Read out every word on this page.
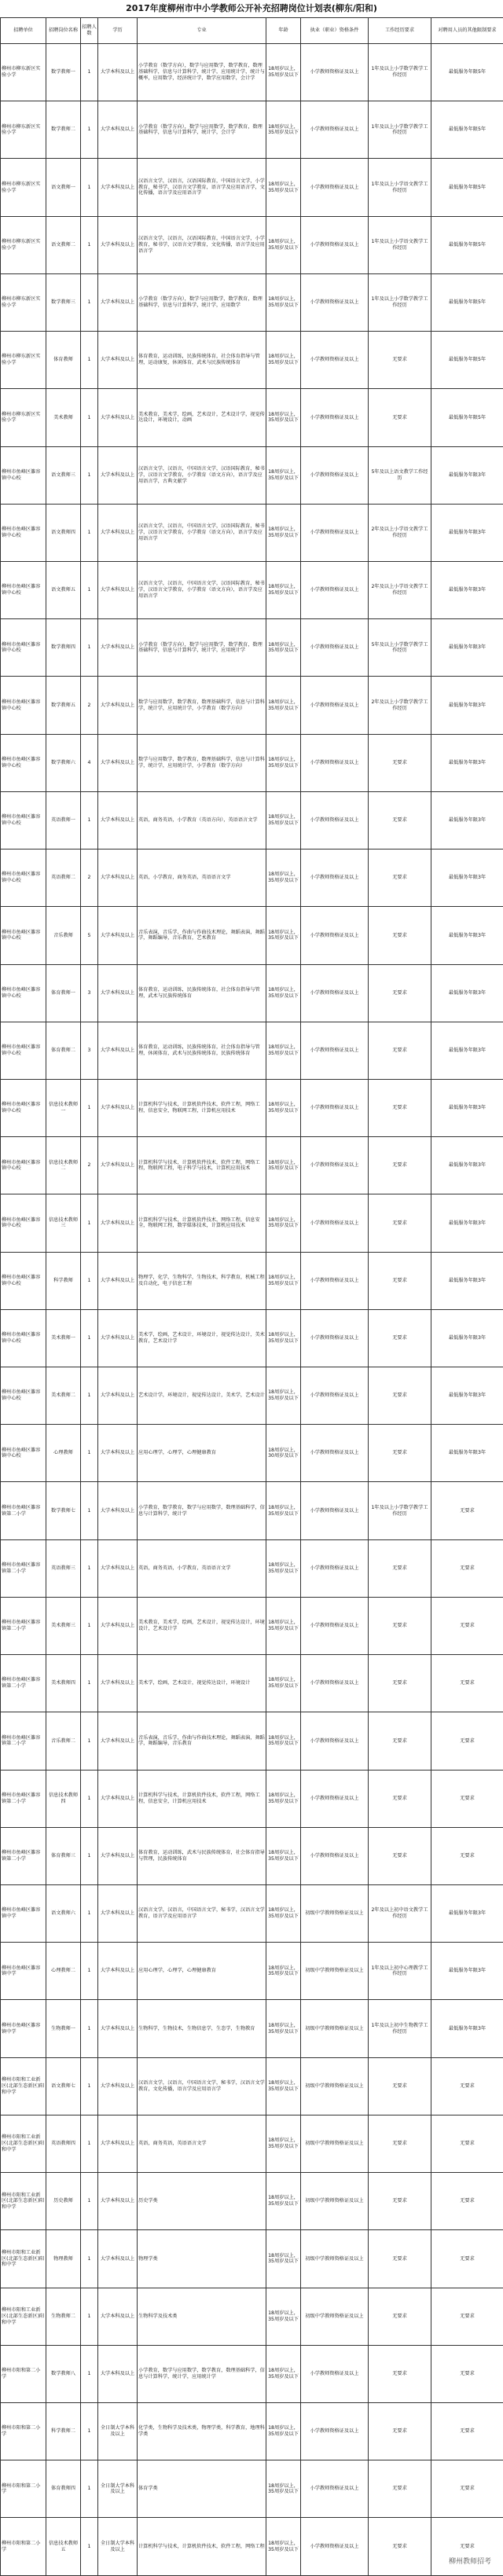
2017年度柳州市中小学教师公开补充招聘岗位计划表(柳东/阳和)
招聘单位	招聘岗位名称	招聘人数	学历	专业	年龄	执业（职业）资格条件	工作经历要求	对聘用人员的其他限制要求
柳州市柳东新区实验小学	数学教师一	1	大学本科及以上	小学教育（数学方向），数学与应用数学，数学教育，数理基础科学，信息与计算科学，统计学，应用统计学，统计与概率，应用数学，经济统计学，数学应用数学，会计学	18周岁以上，35周岁及以下	小学教师资格证及以上	1年及以上小学数学教学工作经历	最低服务年限5年
柳州市柳东新区实验小学	数学教师二	1	大学本科及以上	小学教育（数学方向），数学与应用数学，数学教育，数理基础科学，信息与计算科学，统计学，会计学	18周岁以上，35周岁及以下	小学教师资格证及以上	1年及以上小学数学教学工作经历	最低服务年限5年
柳州市柳东新区实验小学	语文教师一	1	大学本科及以上	汉语言文学，汉语言，汉语国际教育，中国语言文学，小学教育，秘书学，汉语言文学教育，语言学及应用语言学，文化传播，语言学及应用语言学	18周岁以上，35周岁及以下	小学教师资格证及以上	1年及以上小学语文教学工作经历	最低服务年限5年
柳州市柳东新区实验小学	语文教师二	1	大学本科及以上	汉语言文学，汉语言，汉语国际教育，中国语言文学，小学教育，秘书学，汉语言文学教育，文化传播，语言学及应用语言学	18周岁以上，35周岁及以下	小学教师资格证及以上	1年及以上小学语文教学工作经历	最低服务年限5年
柳州市柳东新区实验小学	数学教师三	1	大学本科及以上	小学教育（数学方向），数学与应用数学，数学教育，数理基础科学，信息与计算科学，统计学，应用数学	18周岁以上，35周岁及以下	小学教师资格证及以上	1年及以上小学数学教学工作经历	最低服务年限5年
柳州市柳东新区实验小学	体育教师	1	大学本科及以上	体育教育，运动训练，民族传统体育，社会体育指导与管理，运动康复，休闲体育，武术与民族传统体育	18周岁以上，35周岁及以下	小学教师资格证及以上	无要求	最低服务年限5年
柳州市柳东新区实验小学	美术教师	1	大学本科及以上	美术教育，美术学，绘画，艺术设计，艺术设计学，视觉传达设计，环境设计，动画	18周岁以上，35周岁及以下	小学教师资格证及以上	无要求	最低服务年限5年
柳州市鱼峰区雒容镇中心校	语文教师三	1	大学本科及以上	汉语言文学，汉语言，中国语言文学，汉语国际教育，秘书学，汉语言文学教育，小学教育（语文方向），语言学及应用语言学，古典文献学	18周岁以上，35周岁及以下	小学教师资格证及以上	5年及以上语文教学工作经历	最低服务年限3年
柳州市鱼峰区雒容镇中心校	语文教师四	1	大学本科及以上	汉语言文学，汉语言，中国语言文学，汉语国际教育，秘书学，汉语言文学教育，小学教育（语文方向），语言学及应用语言学	18周岁以上，35周岁及以下	小学教师资格证及以上	2年及以上小学语文教学工作经历	最低服务年限3年
柳州市鱼峰区雒容镇中心校	语文教师五	1	大学本科及以上	汉语言文学，汉语言，中国语言文学，汉语国际教育，秘书学，汉语言文学教育，小学教育（语文方向），语言学及应用语言学	18周岁以上，35周岁及以下	小学教师资格证及以上	2年及以上小学语文教学工作经历	最低服务年限3年
柳州市鱼峰区雒容镇中心校	数学教师四	1	大学本科及以上	小学教育（数学方向），数学与应用数学，数学教育，数理基础科学，信息与计算科学，统计学，应用统计学	18周岁以上，35周岁及以下	小学教师资格证及以上	5年及以上小学数学教学工作经历	最低服务年限3年
柳州市鱼峰区雒容镇中心校	数学教师五	2	大学本科及以上	数学与应用数学，数学教育，数理基础科学，信息与计算科学，统计学，应用统计学，小学教育（数学方向）	18周岁以上，35周岁及以下	小学教师资格证及以上	2年及以上小学数学教学工作经历	最低服务年限3年
柳州市鱼峰区雒容镇中心校	数学教师六	4	大学本科及以上	数学与应用数学，数学教育，数理基础科学，信息与计算科学，统计学，应用统计学，小学教育（数学方向）	18周岁以上，35周岁及以下	小学教师资格证及以上	无要求	最低服务年限3年
柳州市鱼峰区雒容镇中心校	英语教师一	1	大学本科及以上	英语，商务英语，小学教育（英语方向），英语语言文学	18周岁以上，35周岁及以下	小学教师资格证及以上	无要求	最低服务年限3年
柳州市鱼峰区雒容镇中心校	英语教师二	2	大学本科及以上	英语，小学教育，商务英语，英语语言文学	18周岁以上，35周岁及以下	小学教师资格证及以上	无要求	最低服务年限3年
柳州市鱼峰区雒容镇中心校	音乐教师	5	大学本科及以上	音乐表演，音乐学，作曲与作曲技术理论，舞蹈表演，舞蹈学，舞蹈编导，音乐教育，艺术教育	18周岁以上，35周岁及以下	小学教师资格证及以上	无要求	最低服务年限3年
柳州市鱼峰区雒容镇中心校	体育教师一	3	大学本科及以上	体育教育，运动训练，民族传统体育，社会体育指导与管理，武术与民族传统体育	18周岁以上，35周岁及以下	小学教师资格证及以上	无要求	最低服务年限3年
柳州市鱼峰区雒容镇中心校	体育教师二	3	大学本科及以上	体育教育，运动训练，民族传统体育，社会体育指导与管理，休闲体育，武术与民族传统体育，民族传统体育	18周岁以上，35周岁及以下	小学教师资格证及以上	无要求	最低服务年限3年
柳州市鱼峰区雒容镇中心校	信息技术教师一	1	大学本科及以上	计算机科学与技术，计算机软件技术，软件工程，网络工程，信息安全，物联网工程，计算机应用技术	18周岁以上，35周岁及以下	小学教师资格证及以上	无要求	最低服务年限3年
柳州市鱼峰区雒容镇中心校	信息技术教师二	2	大学本科及以上	计算机科学与技术，计算机软件技术，软件工程，网络工程，物联网工程，电子科学与技术，计算机应用技术	18周岁以上，35周岁及以下	小学教师资格证及以上	无要求	最低服务年限3年
柳州市鱼峰区雒容镇中心校	信息技术教师三	1	大学本科及以上	计算机科学与技术，计算机软件技术，网络工程，信息安全，物联网工程，数字媒体技术，计算机应用技术	18周岁以上，35周岁及以下	小学教师资格证及以上	无要求	最低服务年限3年
柳州市鱼峰区雒容镇中心校	科学教师	1	大学本科及以上	物理学，化学，生物科学，生物技术，科学教育，机械工程及自动化，电子信息工程	18周岁以上，35周岁及以下	小学教师资格证及以上	无要求	最低服务年限3年
柳州市鱼峰区雒容镇中心校	美术教师一	1	大学本科及以上	美术学，绘画，艺术设计，环境设计，视觉传达设计，美术教育，艺术设计学	18周岁以上，35周岁及以下	小学教师资格证及以上	无要求	最低服务年限3年
柳州市鱼峰区雒容镇中心校	美术教师二	1	大学本科及以上	艺术设计学，环境设计，视觉传达设计，美术学，艺术设计	18周岁以上，35周岁及以下	小学教师资格证及以上	无要求	最低服务年限3年
柳州市鱼峰区雒容镇中心校	心理教师	1	大学本科及以上	应用心理学，心理学，心理健康教育	18周岁以上，30周岁及以下	小学教师资格证及以上	无要求	最低服务年限3年
柳州市鱼峰区雒容镇第二小学	数学教师七	1	大学本科及以上	小学教育，数学教育，数学与应用数学，数理基础科学，信息与计算科学，统计学	18周岁以上，35周岁及以下	小学教师资格证及以上	1年及以上小学数学教学工作经历	无要求
柳州市鱼峰区雒容镇第二小学	英语教师三	1	大学本科及以上	英语，商务英语，小学教育，英语语言文学	18周岁以上，35周岁及以下	小学教师资格证及以上	无要求	无要求
柳州市鱼峰区雒容镇第二小学	美术教师三	1	大学本科及以上	美术教育，美术学，绘画，艺术设计，视觉传达设计，环境设计，艺术设计学	18周岁以上，35周岁及以下	小学教师资格证及以上	无要求	无要求
柳州市鱼峰区雒容镇第二小学	美术教师四	1	大学本科及以上	美术学，绘画，艺术设计，视觉传达设计，环境设计	18周岁以上，35周岁及以下	小学教师资格证及以上	无要求	无要求
柳州市鱼峰区雒容镇第二小学	音乐教师二	1	大学本科及以上	音乐表演，音乐学，作曲与作曲技术理论，舞蹈表演，舞蹈学，舞蹈编导，音乐教育	18周岁以上，35周岁及以下	小学教师资格证及以上	无要求	无要求
柳州市鱼峰区雒容镇第二小学	信息技术教师四	1	大学本科及以上	计算机科学与技术，计算机软件技术，软件工程，网络工程，信息安全，计算机应用技术	18周岁以上，35周岁及以下	小学教师资格证及以上	无要求	无要求
柳州市鱼峰区雒容镇第二小学	体育教师三	1	大学本科及以上	体育教育，运动训练，武术与民族传统体育，社会体育指导与管理，民族传统体育	18周岁以上，35周岁及以下	小学教师资格证及以上	无要求	无要求
柳州市鱼峰区雒容镇中学	语文教师六	1	大学本科及以上	汉语言文学，汉语言，中国语言文学，秘书学，汉语言文学教育，语言学及应用语言学	18周岁以上，35周岁及以下	初级中学教师资格证及以上	2年及以上初中语文教学工作经历	最低服务年限3年
柳州市鱼峰区雒容镇中学	心理教师二	1	大学本科及以上	应用心理学，心理学，心理健康教育	18周岁以上，35周岁及以下	初级中学教师资格证及以上	1年及以上初中心理教学工作经历	最低服务年限3年
柳州市鱼峰区雒容镇中学	生物教师一	1	大学本科及以上	生物科学，生物技术，生物信息学，生态学，生物教育	18周岁以上，35周岁及以下	初级中学教师资格证及以上	1年及以上初中生物教学工作经历	最低服务年限3年
柳州市阳和工业新区(北部生态新区)阳和中学	语文教师七	1	大学本科及以上	汉语言文学，汉语言，中国语言文学，秘书学，汉语言文学教育，文化传播，语言学及应用语言学	18周岁以上，35周岁及以下	初级中学教师资格证及以上	无要求	无要求
柳州市阳和工业新区(北部生态新区)阳和中学	英语教师四	1	大学本科及以上	英语，商务英语，英语语言文学	18周岁以上，35周岁及以下	初级中学教师资格证及以上	无要求	无要求
柳州市阳和工业新区(北部生态新区)阳和中学	历史教师	1	大学本科及以上	历史学类	18周岁以上，35周岁及以下	初级中学教师资格证及以上	无要求	无要求
柳州市阳和工业新区(北部生态新区)阳和中学	物理教师	1	大学本科及以上	物理学类	18周岁以上，35周岁及以下	初级中学教师资格证及以上	无要求	无要求
柳州市阳和工业新区(北部生态新区)阳和中学	生物教师二	1	大学本科及以上	生物科学及技术类	18周岁以上，35周岁及以下	初级中学教师资格证及以上	无要求	无要求
柳州市阳和第二小学	数学教师八	1	大学本科及以上	小学教育，数学与应用数学，数学教育，数理基础科学，信息与计算科学，统计学，应用统计学	18周岁以上，35周岁及以下	小学教师资格证及以上	无要求	无要求
柳州市阳和第二小学	科学教师二	1	全日制大学本科及以上	化学类，生物科学及技术类，物理学类，科学教育，地理科学类	18周岁以上，35周岁及以下	小学教师资格证及以上	无要求	无要求
柳州市阳和第二小学	体育教师四	1	全日制大学本科及以上	体育学类	18周岁以上，35周岁及以下	小学教师资格证及以上	无要求	无要求
柳州市阳和第二小学	信息技术教师五	1	全日制大学本科及以上	计算机科学与技术，计算机软件技术，软件工程，网络工程	18周岁以上，35周岁及以下	小学教师资格证及以上	无要求	无要求
柳州教师招考
